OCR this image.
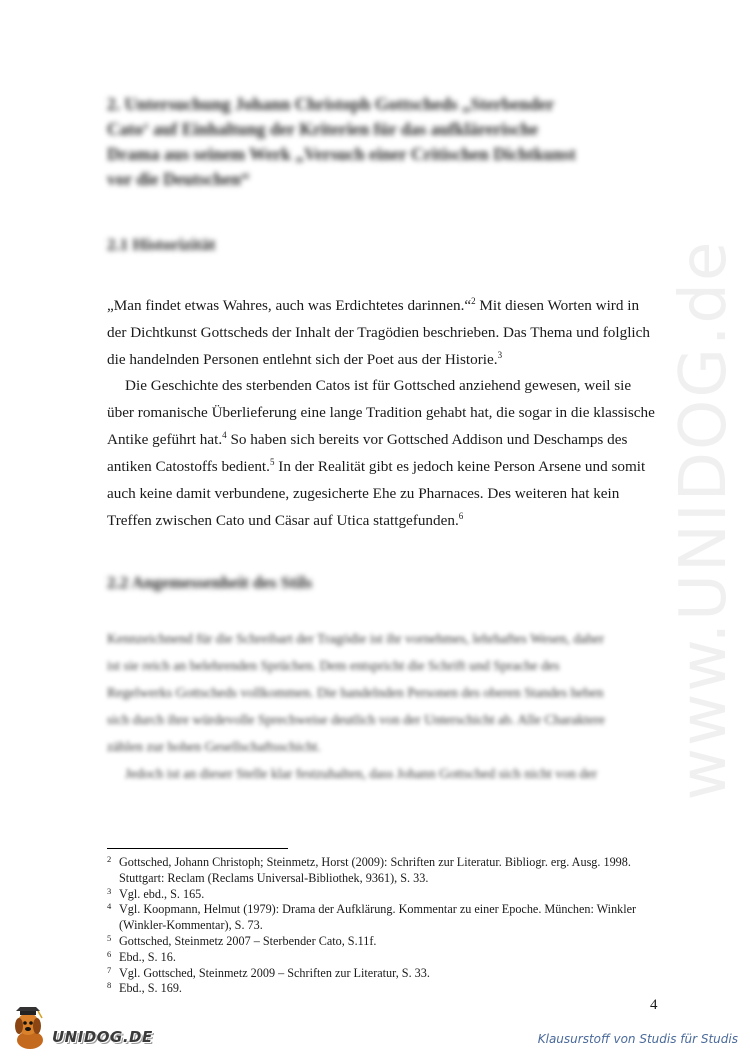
www.UNIDOG.de
2. Untersuchung Johann Christoph Gottscheds „Sterbender
Cato‘ auf Einhaltung der Kriterien für das aufklärerische
Drama aus seinem Werk „Versuch einer Critischen Dichtkunst
vor die Deutschen“
2.1 Historizität
„Man findet etwas Wahres, auch was Erdichtetes darinnen.“$^2$ Mit diesen Worten wird in
der Dichtkunst Gottscheds der Inhalt der Tragödien beschrieben. Das Thema und folglich
die handelnden Personen entlehnt sich der Poet aus der Historie.$^3$
Die Geschichte des sterbenden Catos ist für Gottsched anziehend gewesen, weil sie
über romanische Überlieferung eine lange Tradition gehabt hat, die sogar in die klassische
Antike geführt hat.$^4$ So haben sich bereits vor Gottsched Addison und Deschamps des
antiken Catostoffs bedient.$^5$ In der Realität gibt es jedoch keine Person Arsene und somit
auch keine damit verbundene, zugesicherte Ehe zu Pharnaces. Des weiteren hat kein
Treffen zwischen Cato und Cäsar auf Utica stattgefunden.$^6$
2.2 Angemessenheit des Stils
Kennzeichnend für die Schreibart der Tragödie ist ihr vornehmes, lehrhaftes Wesen, daher
ist sie reich an belehrenden Sprüchen. Dem entspricht die Schrift und Sprache des
Regelwerks Gottscheds vollkommen. Die handelnden Personen des oberen Standes heben
sich durch ihre würdevolle Sprechweise deutlich von der Unterschicht ab. Alle Charaktere
zählen zur hohen Gesellschaftsschicht.
Jedoch ist an dieser Stelle klar festzuhalten, dass Johann Gottsched sich nicht von der
2 Gottsched, Johann Christoph; Steinmetz, Horst (2009): Schriften zur Literatur. Bibliogr. erg. Ausg. 1998.
Stuttgart: Reclam (Reclams Universal-Bibliothek, 9361), S. 33.
3 Vgl. ebd., S. 165.
4 Vgl. Koopmann, Helmut (1979): Drama der Aufklärung. Kommentar zu einer Epoche. München: Winkler
(Winkler-Kommentar), S. 73.
5 Gottsched, Steinmetz 2007 – Sterbender Cato, S.11f.
6 Ebd., S. 16.
7 Vgl. Gottsched, Steinmetz 2009 – Schriften zur Literatur, S. 33.
8 Ebd., S. 169.
4
UNIDOG.DE	Klausurstoff von Studis für Studis
